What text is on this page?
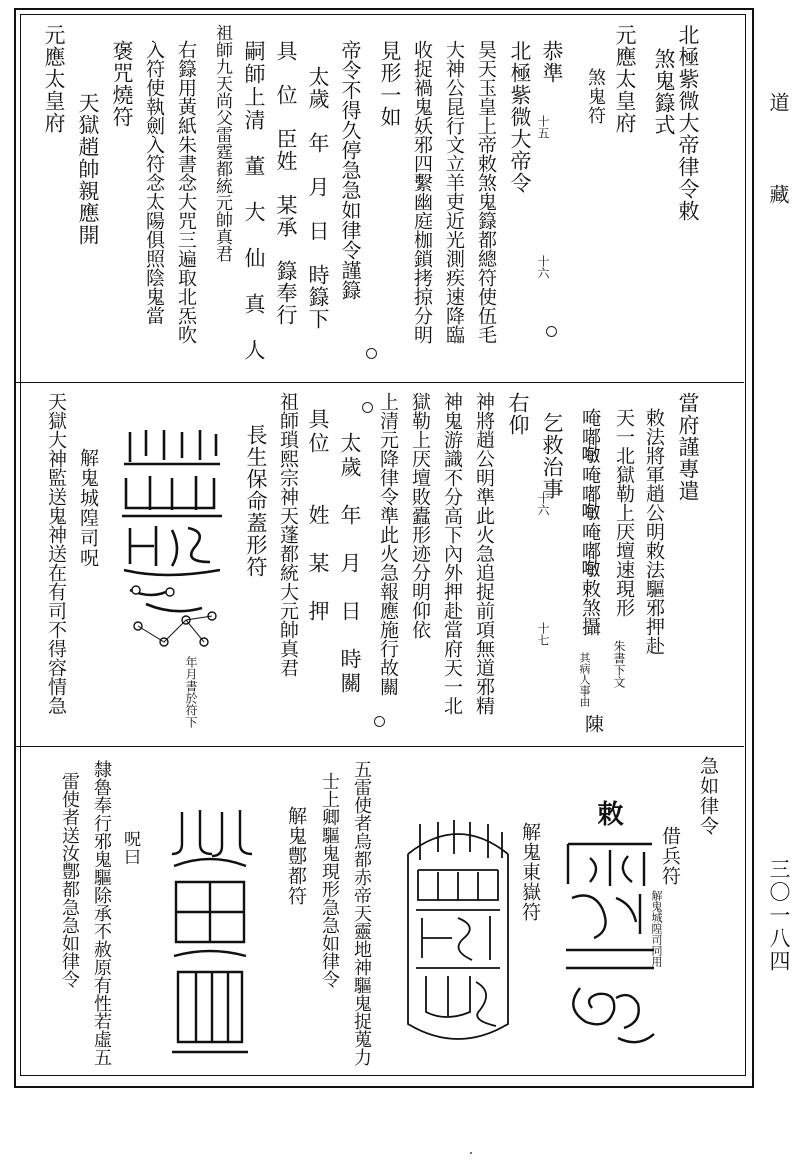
道　藏
三〇一八四
北極紫微大帝律令敕
煞鬼籙式
元應太皇府
煞鬼符
恭準
十五
十六
北極紫微大帝令
昊天玉皇上帝敕煞鬼籙都總符使伍毛
大神公昆行文立羊吏近光測疾速降臨
收捉禍鬼妖邪四繫幽庭枷鎖拷掠分明
見形一如
帝令不得久停急急如律令謹籙
太歲　年　月　日　時籙下
具　位　臣姓　某承　籙奉行
嗣師上清　董　大　仙　真　人
祖師九天尚父雷霆都統元帥真君
右籙用黃紙朱書念大咒三遍取北炁吹
入符使執劍入符念太陽俱照陰鬼當
褒咒燒符
天獄趙帥親應開
元應太皇府
當府謹專遣
敕法將軍趙公明敕法驅邪押赴
天一北獄勒上厌壇速現形
朱書下文
唵嘟𠽊唵嘟𠽊唵嘟𠽊敕煞攝
其病人事由
陳
乞救治事
十六
十七
右仰
神將趙公明準此火急追捉前項無道邪精
神鬼游識不分高下內外押赴當府天一北
獄勒上厌壇敗蠹形迹分明仰依
上清元降律令準此火急報應施行故關
太歲　年　月　日　時關
具位　　姓　某　押
祖師瑣熙宗神天蓬都統大元帥真君
長生保命蓋形符
年月書於符下
解鬼城隍司呪
天獄大神監送鬼神送在有司不得容情急
急如律令
敕
借兵符
解鬼城隍司同用
解鬼東嶽符
五雷使者烏都赤帝天靈地神驅鬼捉蒐力
士上卿驅鬼現形急急如律令
解鬼鄷都符
呪曰
隸魯奉行邪鬼驅除承不赦原有性若虛五
雷使者送汝鄷都急急如律令
